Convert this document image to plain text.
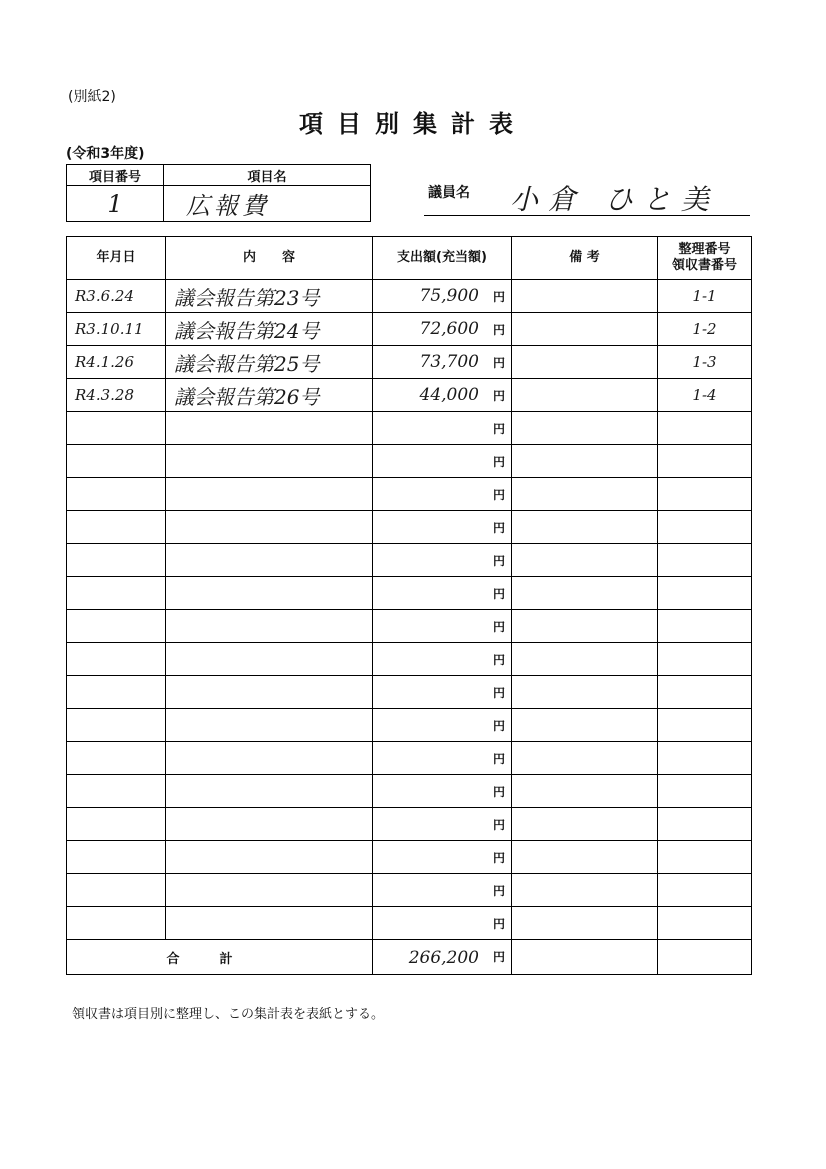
(別紙2)
項目別集計表
(令和3年度)
項目番号	項目名
1	広報費	議員名 小倉 ひと美
年月日	内　　容	支出額(充当額)	備 考	整理番号
領収書番号

R3.6.24	議会報告第23号	75,900 円		1-1
R3.10.11	議会報告第24号	72,600 円		1-2
R4.1.26	議会報告第25号	73,700 円		1-3
R4.3.28	議会報告第26号	44,000 円		1-4

		円		

		円		

		円		

		円		

		円		

		円		

		円		

		円		

		円		

		円		

		円		

		円		

		円		

		円		

		円		

		円		

合計		266,200 円		

領収書は項目別に整理し、この集計表を表紙とする。
